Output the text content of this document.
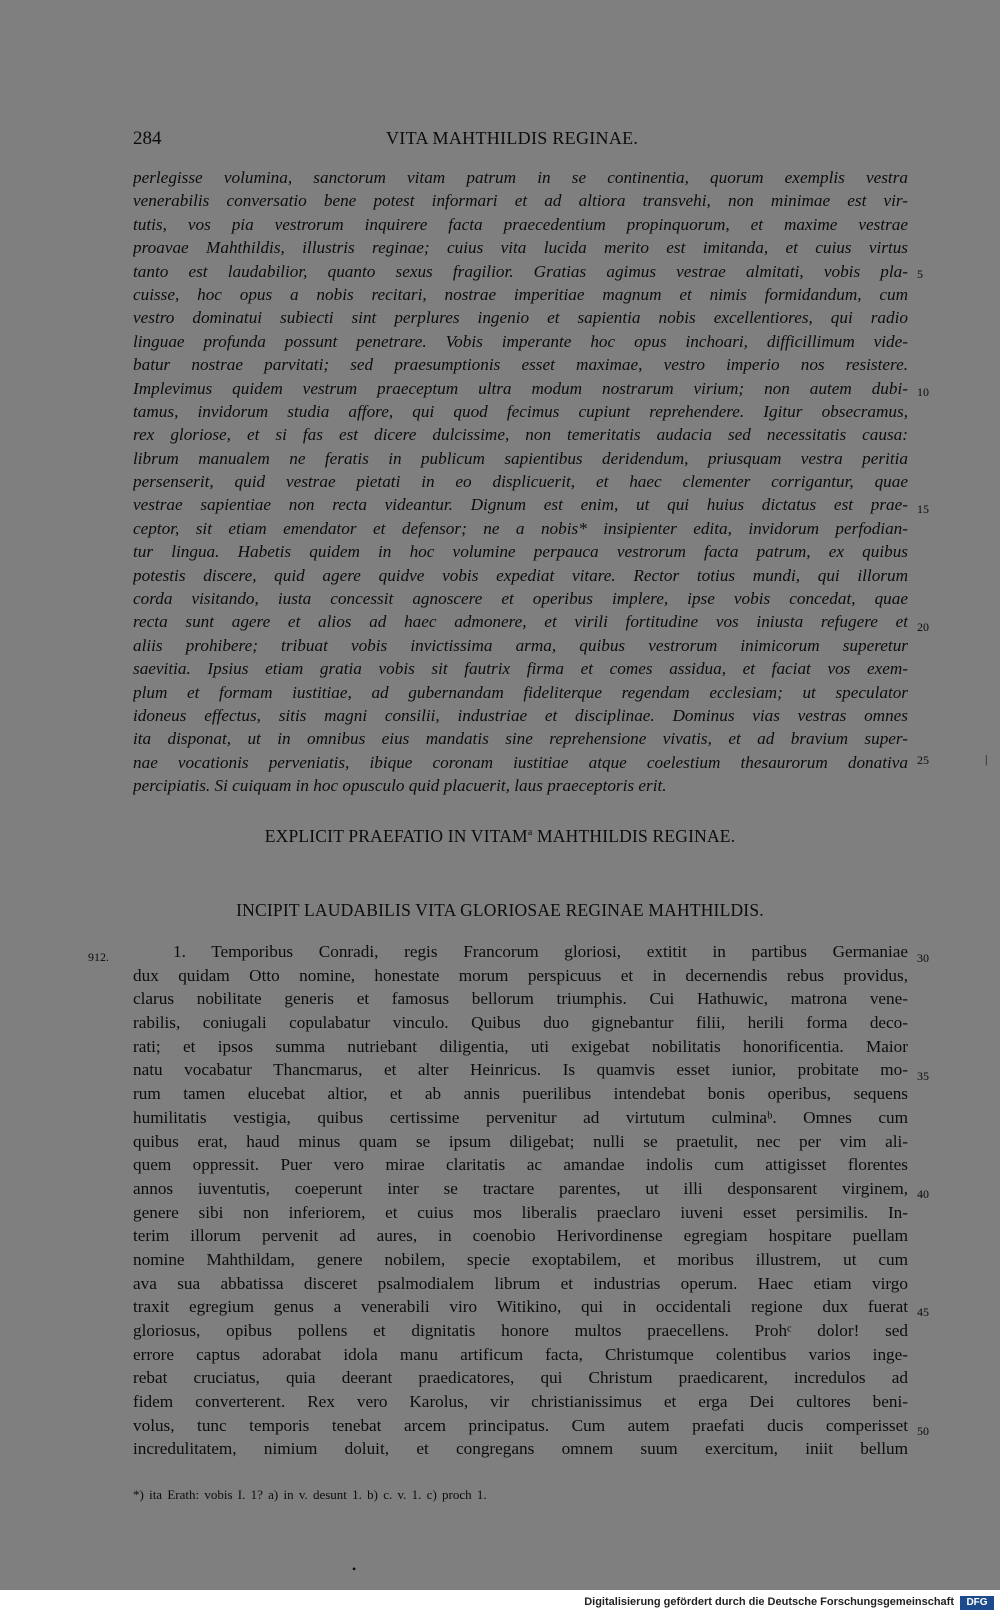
284	VITA MAHTHILDIS REGINAE.
perlegisse volumina, sanctorum vitam patrum in se continentia, quorum exemplis vestra
venerabilis conversatio bene potest informari et ad altiora transvehi, non minimae est vir-
tutis, vos pia vestrorum inquirere facta praecedentium propinquorum, et maxime vestrae
proavae Mahthildis, illustris reginae; cuius vita lucida merito est imitanda, et cuius virtus
tanto est laudabilior, quanto sexus fragilior. Gratias agimus vestrae almitati, vobis pla-
cuisse, hoc opus a nobis recitari, nostrae imperitiae magnum et nimis formidandum, cum
vestro dominatui subiecti sint perplures ingenio et sapientia nobis excellentiores, qui radio
linguae profunda possunt penetrare. Vobis imperante hoc opus inchoari, difficillimum vide-
batur nostrae parvitati; sed praesumptionis esset maximae, vestro imperio nos resistere.
Implevimus quidem vestrum praeceptum ultra modum nostrarum virium; non autem dubi-
tamus, invidorum studia affore, qui quod fecimus cupiunt reprehendere. Igitur obsecramus,
rex gloriose, et si fas est dicere dulcissime, non temeritatis audacia sed necessitatis causa:
librum manualem ne feratis in publicum sapientibus deridendum, priusquam vestra peritia
persenserit, quid vestrae pietati in eo displicuerit, et haec clementer corrigantur, quae
vestrae sapientiae non recta videantur. Dignum est enim, ut qui huius dictatus est prae-
ceptor, sit etiam emendator et defensor; ne a nobis* insipienter edita, invidorum perfodian-
tur lingua. Habetis quidem in hoc volumine perpauca vestrorum facta patrum, ex quibus
potestis discere, quid agere quidve vobis expediat vitare. Rector totius mundi, qui illorum
corda visitando, iusta concessit agnoscere et operibus implere, ipse vobis concedat, quae
recta sunt agere et alios ad haec admonere, et virili fortitudine vos iniusta refugere et
aliis prohibere; tribuat vobis invictissima arma, quibus vestrorum inimicorum superetur
saevitia. Ipsius etiam gratia vobis sit fautrix firma et comes assidua, et faciat vos exem-
plum et formam iustitiae, ad gubernandam fideliterque regendam ecclesiam; ut speculator
idoneus effectus, sitis magni consilii, industriae et disciplinae. Dominus vias vestras omnes
ita disponat, ut in omnibus eius mandatis sine reprehensione vivatis, et ad bravium super-
nae vocationis perveniatis, ibique coronam iustitiae atque coelestium thesaurorum donativa
percipiatis. Si cuiquam in hoc opusculo quid placuerit, laus praeceptoris erit.
5
10
15
20
25	|
EXPLICIT PRAEFATIO IN VITAM$^a$ MAHTHILDIS REGINAE.
INCIPIT LAUDABILIS VITA GLORIOSAE REGINAE MAHTHILDIS.
912.	1. Temporibus Conradi, regis Francorum gloriosi, extitit in partibus Germaniae
dux quidam Otto nomine, honestate morum perspicuus et in decernendis rebus providus,
clarus nobilitate generis et famosus bellorum triumphis. Cui Hathuwic, matrona vene-
rabilis, coniugali copulabatur vinculo. Quibus duo gignebantur filii, herili forma deco-
rati; et ipsos summa nutriebant diligentia, uti exigebat nobilitatis honorificentia. Maior
natu vocabatur Thancmarus, et alter Heinricus. Is quamvis esset iunior, probitate mo-
rum tamen elucebat altior, et ab annis puerilibus intendebat bonis operibus, sequens
humilitatis vestigia, quibus certissime pervenitur ad virtutum culminaᵇ. Omnes cum
quibus erat, haud minus quam se ipsum diligebat; nulli se praetulit, nec per vim ali-
quem oppressit. Puer vero mirae claritatis ac amandae indolis cum attigisset florentes
annos iuventutis, coeperunt inter se tractare parentes, ut illi desponsarent virginem,
genere sibi non inferiorem, et cuius mos liberalis praeclaro iuveni esset persimilis. In-
terim illorum pervenit ad aures, in coenobio Herivordinense egregiam hospitare puellam
nomine Mahthildam, genere nobilem, specie exoptabilem, et moribus illustrem, ut cum
ava sua abbatissa disceret psalmodialem librum et industrias operum. Haec etiam virgo
traxit egregium genus a venerabili viro Witikino, qui in occidentali regione dux fuerat
gloriosus, opibus pollens et dignitatis honore multos praecellens. Prohᶜ dolor! sed
errore captus adorabat idola manu artificum facta, Christumque colentibus varios inge-
rebat cruciatus, quia deerant praedicatores, qui Christum praedicarent, incredulos ad
fidem converterent. Rex vero Karolus, vir christianissimus et erga Dei cultores beni-
volus, tunc temporis tenebat arcem principatus. Cum autem praefati ducis comperisset
incredulitatem, nimium doluit, et congregans omnem suum exercitum, iniit bellum
30
35
40
45
50
*) ita Erath: vobis I. 1? a) in v. desunt 1. b) c. v. 1. c) proch 1.
•
Digitalisierung gefördert durch die Deutsche Forschungsgemeinschaft	DFG
